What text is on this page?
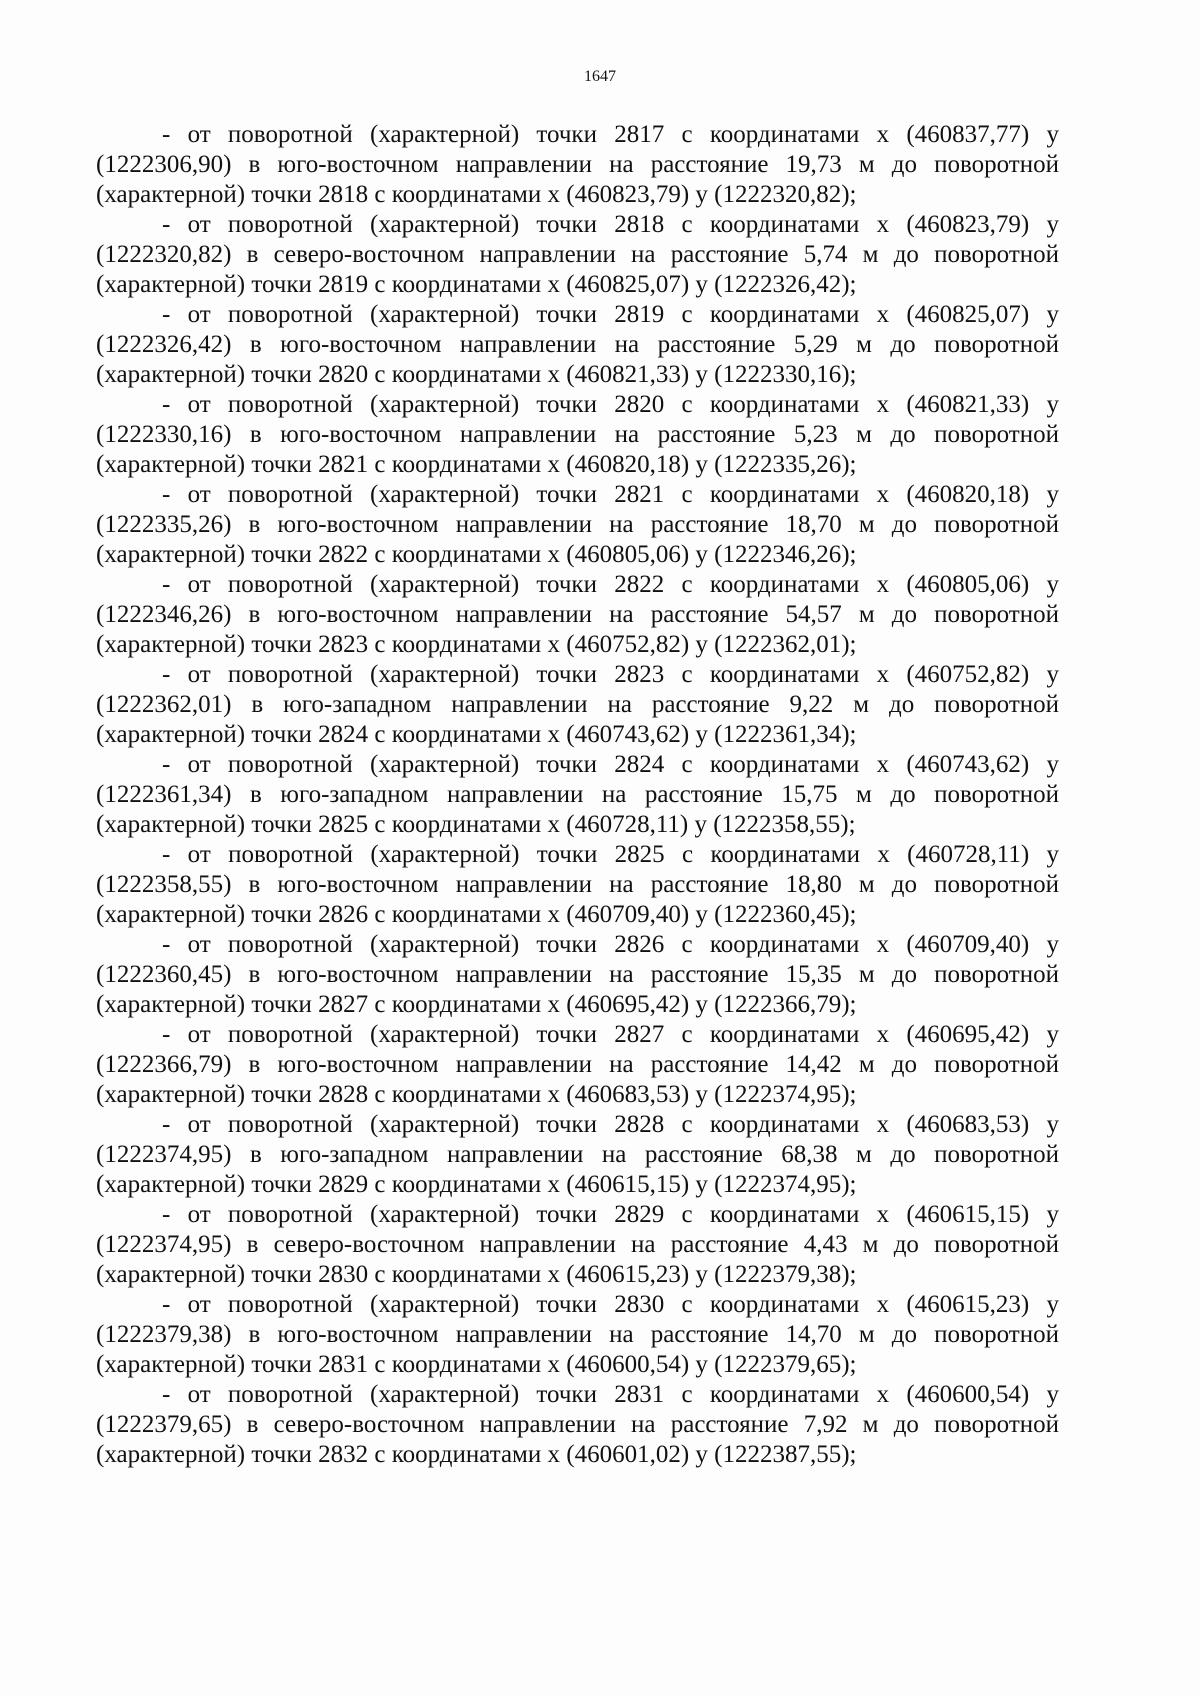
1647

- от поворотной (характерной) точки 2817 с координатами х (460837,77) у (1222306,90) в юго-восточном направлении на расстояние 19,73 м до поворотной (характерной) точки 2818 с координатами х (460823,79) у (1222320,82);

- от поворотной (характерной) точки 2818 с координатами х (460823,79) у (1222320,82) в северо-восточном направлении на расстояние 5,74 м до поворотной (характерной) точки 2819 с координатами х (460825,07) у (1222326,42);

- от поворотной (характерной) точки 2819 с координатами х (460825,07) у (1222326,42) в юго-восточном направлении на расстояние 5,29 м до поворотной (характерной) точки 2820 с координатами х (460821,33) у (1222330,16);

- от поворотной (характерной) точки 2820 с координатами х (460821,33) у (1222330,16) в юго-восточном направлении на расстояние 5,23 м до поворотной (характерной) точки 2821 с координатами х (460820,18) у (1222335,26);

- от поворотной (характерной) точки 2821 с координатами х (460820,18) у (1222335,26) в юго-восточном направлении на расстояние 18,70 м до поворотной (характерной) точки 2822 с координатами х (460805,06) у (1222346,26);

- от поворотной (характерной) точки 2822 с координатами х (460805,06) у (1222346,26) в юго-восточном направлении на расстояние 54,57 м до поворотной (характерной) точки 2823 с координатами х (460752,82) у (1222362,01);

- от поворотной (характерной) точки 2823 с координатами х (460752,82) у (1222362,01) в юго-западном направлении на расстояние 9,22 м до поворотной (характерной) точки 2824 с координатами х (460743,62) у (1222361,34);

- от поворотной (характерной) точки 2824 с координатами х (460743,62) у (1222361,34) в юго-западном направлении на расстояние 15,75 м до поворотной (характерной) точки 2825 с координатами х (460728,11) у (1222358,55);

- от поворотной (характерной) точки 2825 с координатами х (460728,11) у (1222358,55) в юго-восточном направлении на расстояние 18,80 м до поворотной (характерной) точки 2826 с координатами х (460709,40) у (1222360,45);

- от поворотной (характерной) точки 2826 с координатами х (460709,40) у (1222360,45) в юго-восточном направлении на расстояние 15,35 м до поворотной (характерной) точки 2827 с координатами х (460695,42) у (1222366,79);

- от поворотной (характерной) точки 2827 с координатами х (460695,42) у (1222366,79) в юго-восточном направлении на расстояние 14,42 м до поворотной (характерной) точки 2828 с координатами х (460683,53) у (1222374,95);

- от поворотной (характерной) точки 2828 с координатами х (460683,53) у (1222374,95) в юго-западном направлении на расстояние 68,38 м до поворотной (характерной) точки 2829 с координатами х (460615,15) у (1222374,95);

- от поворотной (характерной) точки 2829 с координатами х (460615,15) у (1222374,95) в северо-восточном направлении на расстояние 4,43 м до поворотной (характерной) точки 2830 с координатами х (460615,23) у (1222379,38);

- от поворотной (характерной) точки 2830 с координатами х (460615,23) у (1222379,38) в юго-восточном направлении на расстояние 14,70 м до поворотной (характерной) точки 2831 с координатами х (460600,54) у (1222379,65);

- от поворотной (характерной) точки 2831 с координатами х (460600,54) у (1222379,65) в северо-восточном направлении на расстояние 7,92 м до поворотной (характерной) точки 2832 с координатами х (460601,02) у (1222387,55);
